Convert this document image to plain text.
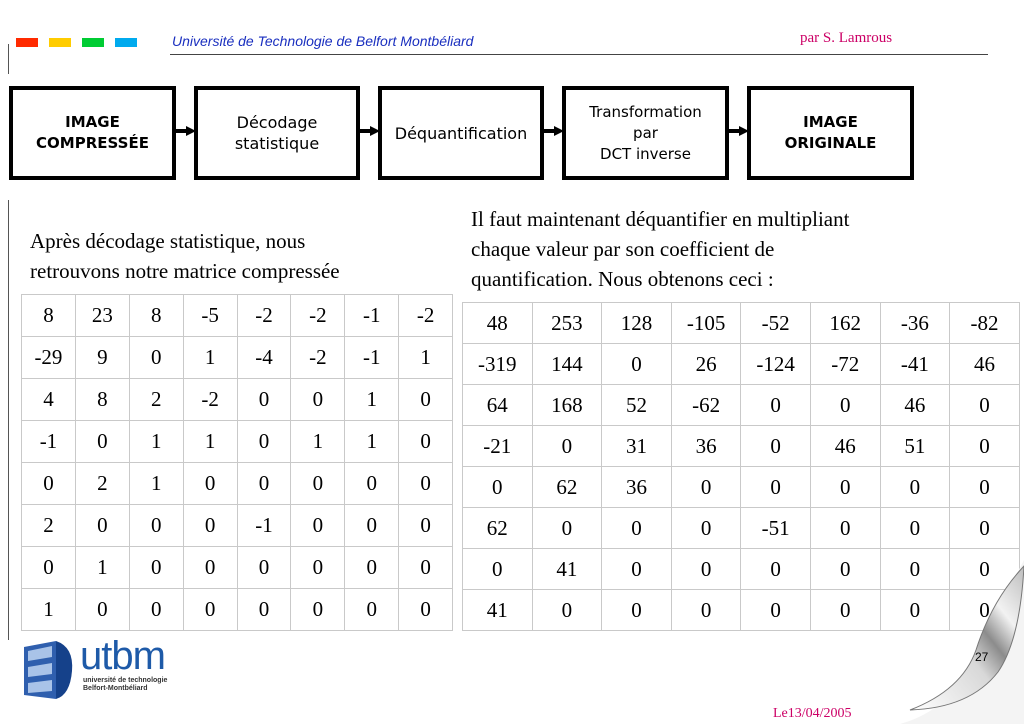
Université de Technologie de Belfort Montbéliard	par S. Lamrous
IMAGE
COMPRESSÉE
Décodage
statistique
Déquantification
Transformation
par
DCT inverse
IMAGE
ORIGINALE
Après décodage statistique, nous
retrouvons notre matrice compressée
Il faut maintenant déquantifier en multipliant
chaque valeur par son coefficient de
quantification. Nous obtenons ceci :
8	23	8	-5	-2	-2	-1	-2
-29	9	0	1	-4	-2	-1	1
4	8	2	-2	0	0	1	0
-1	0	1	1	0	1	1	0
0	2	1	0	0	0	0	0
2	0	0	0	-1	0	0	0
0	1	0	0	0	0	0	0
1	0	0	0	0	0	0	0
48	253	128	-105	-52	162	-36	-82
-319	144	0	26	-124	-72	-41	46
64	168	52	-62	0	0	46	0
-21	0	31	36	0	46	51	0
0	62	36	0	0	0	0	0
62	0	0	0	-51	0	0	0
0	41	0	0	0	0	0	0
41	0	0	0	0	0	0	0
utbm
université de technologie
Belfort-Montbéliard
27
Le13/04/2005
